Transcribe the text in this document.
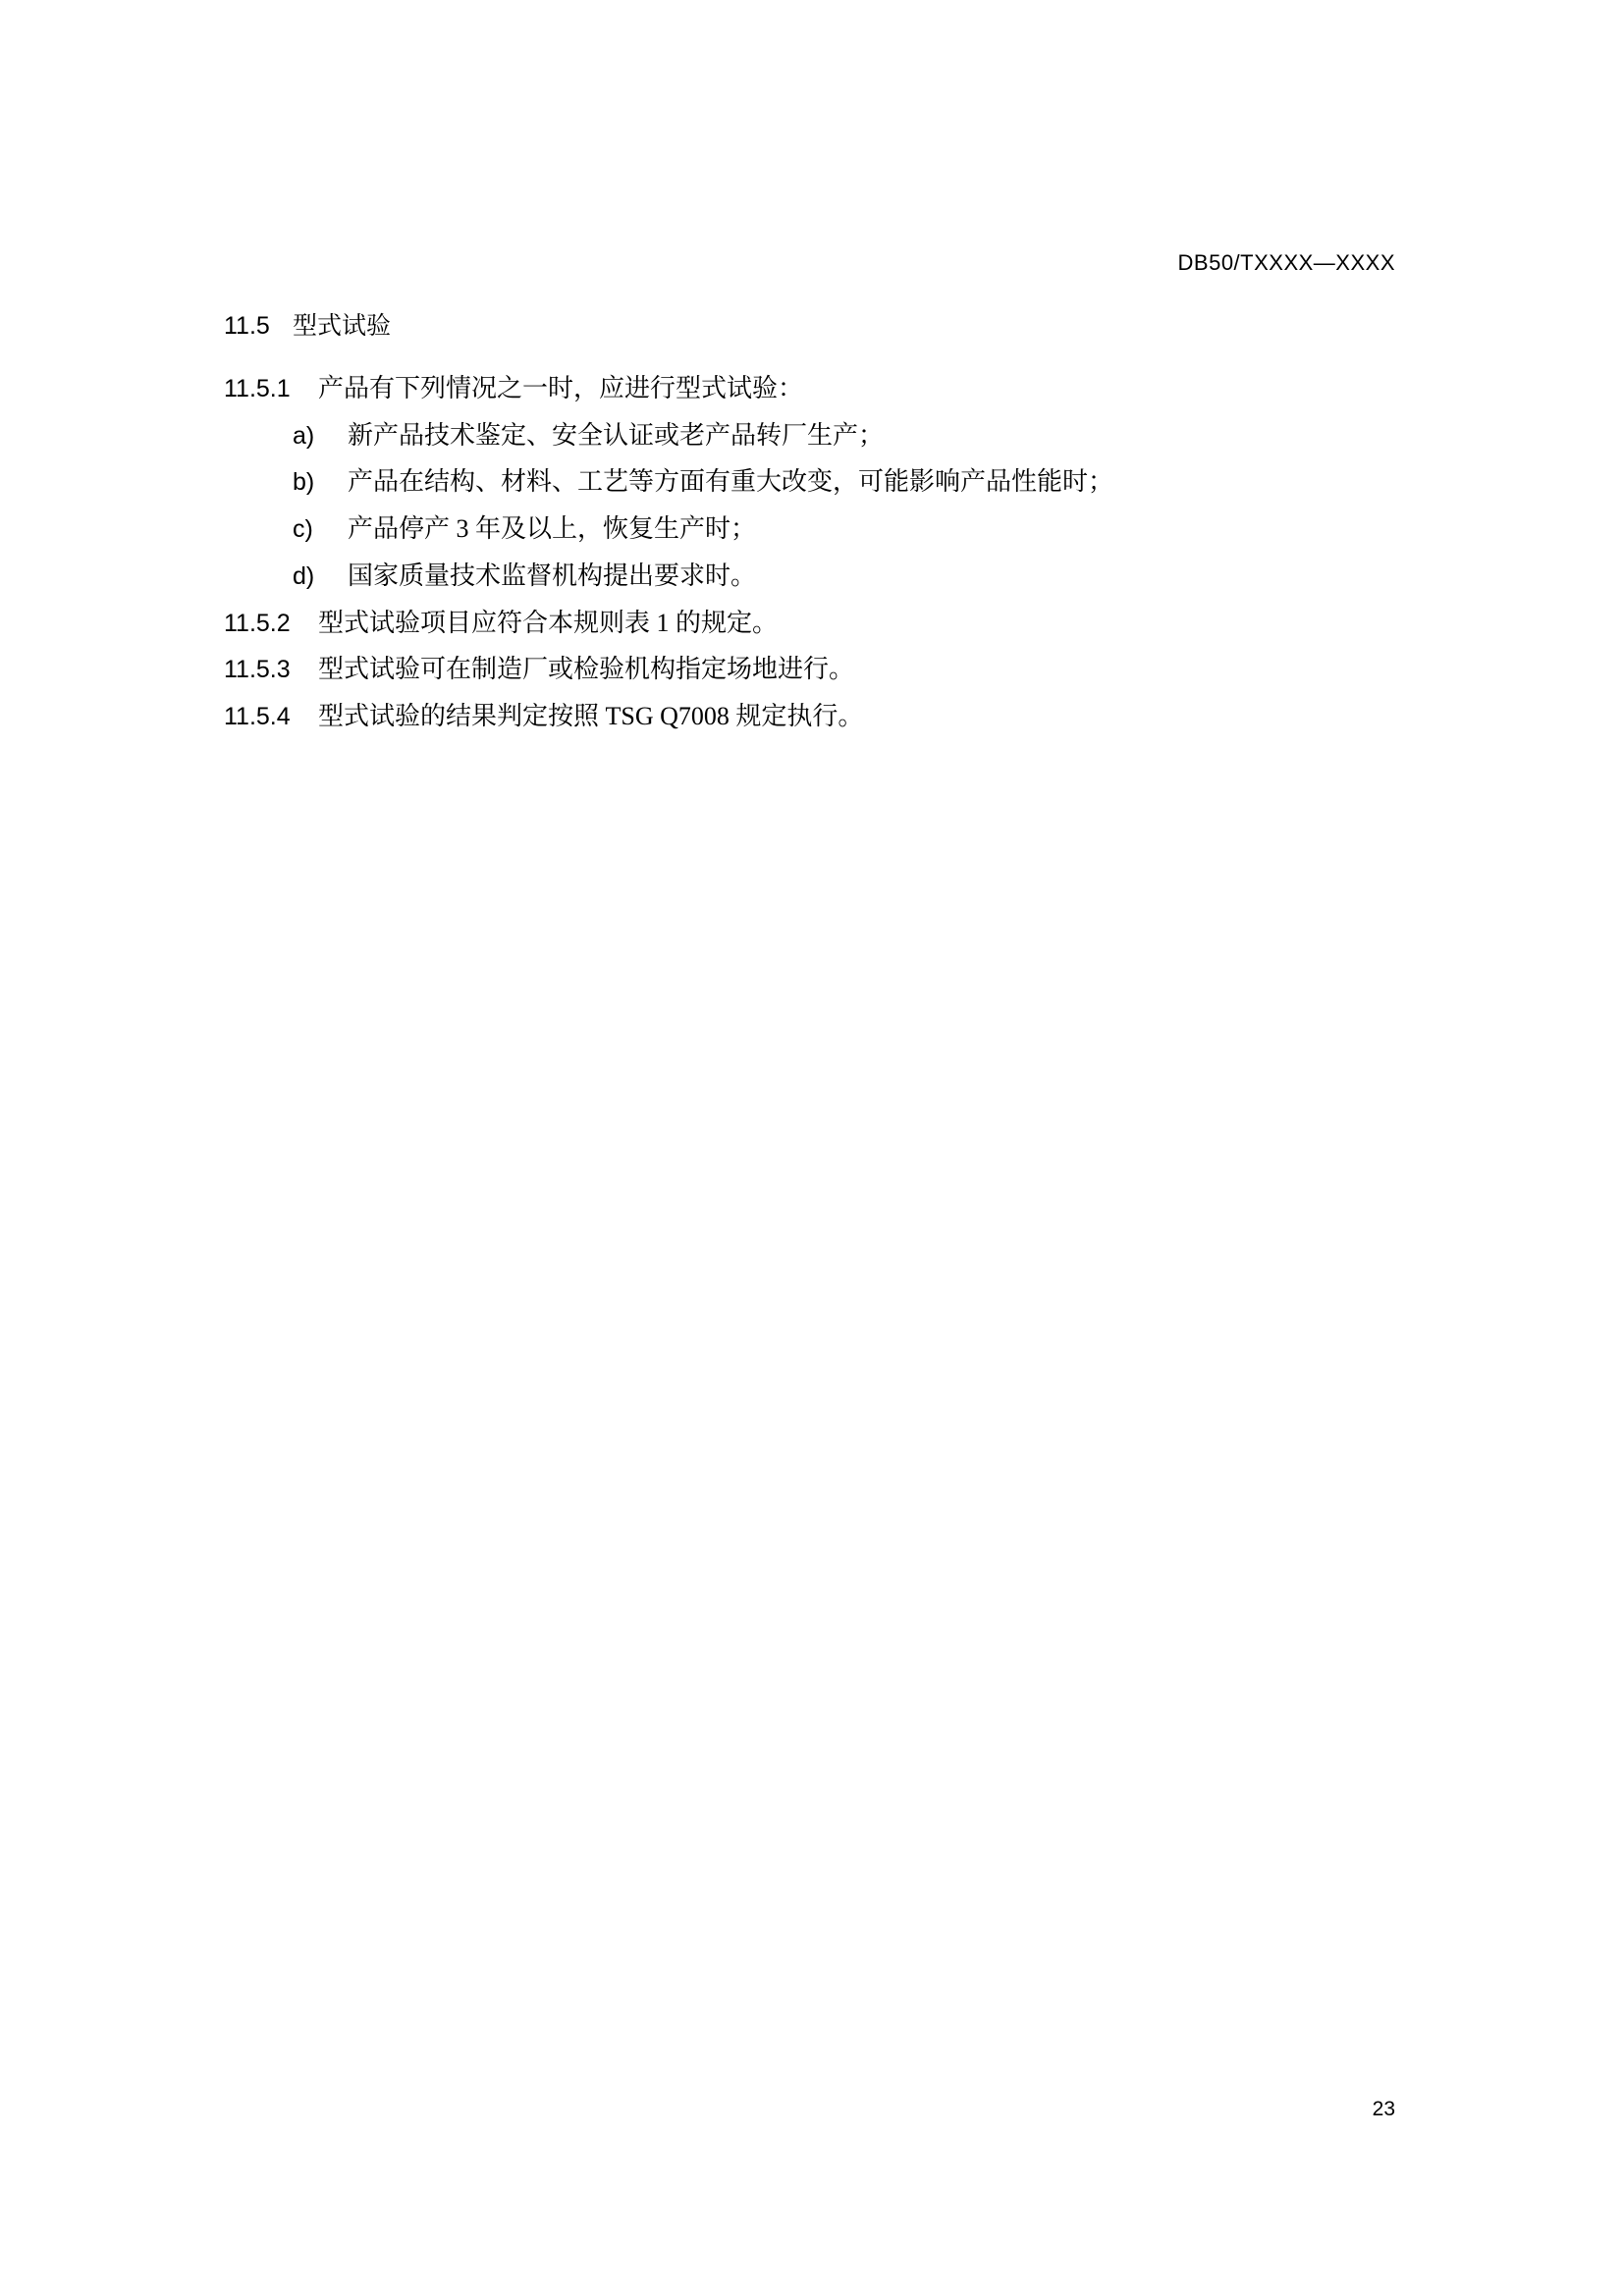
DB50/TXXXX—XXXX
11.5 型式试验

11.5.1 产品有下列情况之一时，应进行型式试验：

a) 新产品技术鉴定、安全认证或老产品转厂生产；
b) 产品在结构、材料、工艺等方面有重大改变，可能影响产品性能时；
c) 产品停产 3 年及以上，恢复生产时；
d) 国家质量技术监督机构提出要求时。

11.5.2 型式试验项目应符合本规则表 1 的规定。

11.5.3 型式试验可在制造厂或检验机构指定场地进行。

11.5.4 型式试验的结果判定按照 TSG Q7008 规定执行。

23
